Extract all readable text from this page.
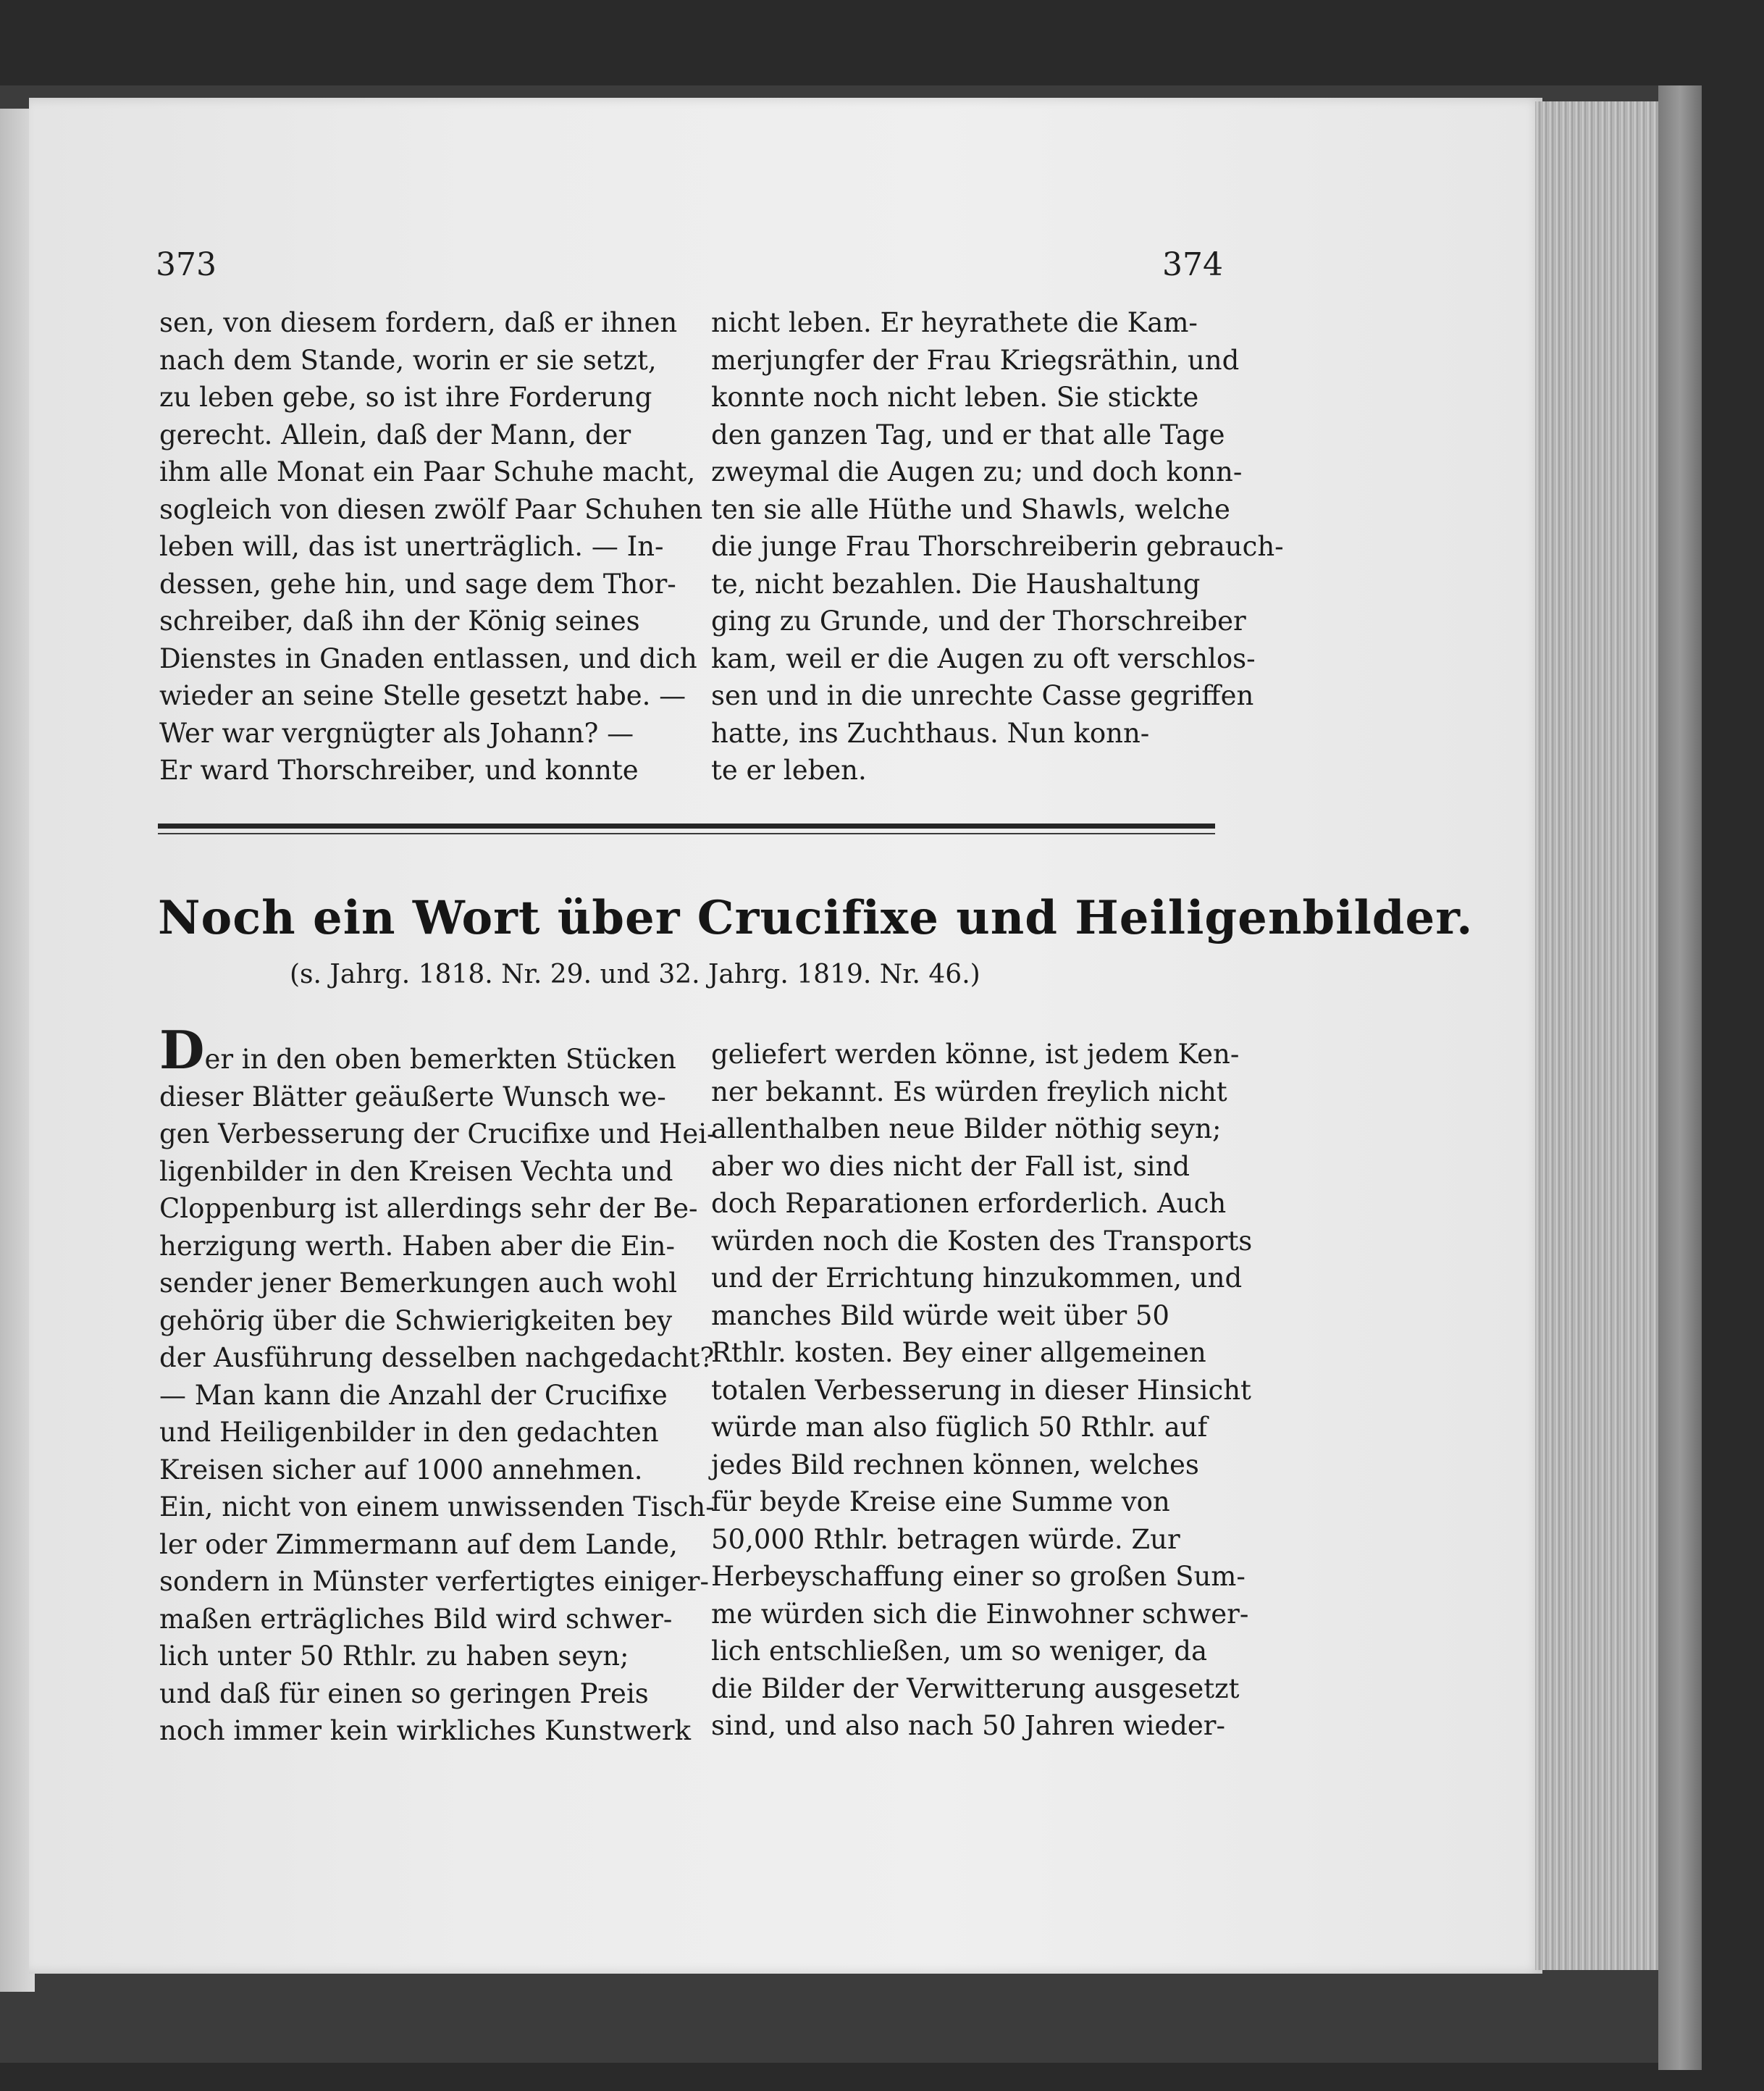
373	374

sen, von diesem fordern, daß er ihnen

nach dem Stande, worin er sie setzt,

zu leben gebe, so ist ihre Forderung

gerecht. Allein, daß der Mann, der

ihm alle Monat ein Paar Schuhe macht,

sogleich von diesen zwölf Paar Schuhen

leben will, das ist unerträglich. — In-

dessen, gehe hin, und sage dem Thor-

schreiber, daß ihn der König seines

Dienstes in Gnaden entlassen, und dich

wieder an seine Stelle gesetzt habe. —

Wer war vergnügter als Johann? —

Er ward Thorschreiber, und konnte

nicht leben. Er heyrathete die Kam-

merjungfer der Frau Kriegsräthin, und

konnte noch nicht leben. Sie stickte

den ganzen Tag, und er that alle Tage

zweymal die Augen zu; und doch konn-

ten sie alle Hüthe und Shawls, welche

die junge Frau Thorschreiberin gebrauch-

te, nicht bezahlen. Die Haushaltung

ging zu Grunde, und der Thorschreiber

kam, weil er die Augen zu oft verschlos-

sen und in die unrechte Casse gegriffen

hatte, ins Zuchthaus. Nun konn-

te er leben.

Noch ein Wort über Crucifixe und Heiligenbilder.
(s. Jahrg. 1818. Nr. 29. und 32. Jahrg. 1819. Nr. 46.)

Der in den oben bemerkten Stücken

dieser Blätter geäußerte Wunsch we-

gen Verbesserung der Crucifixe und Hei-

ligenbilder in den Kreisen Vechta und

Cloppenburg ist allerdings sehr der Be-

herzigung werth. Haben aber die Ein-

sender jener Bemerkungen auch wohl

gehörig über die Schwierigkeiten bey

der Ausführung desselben nachgedacht?

— Man kann die Anzahl der Crucifixe

und Heiligenbilder in den gedachten

Kreisen sicher auf 1000 annehmen.

Ein, nicht von einem unwissenden Tisch-

ler oder Zimmermann auf dem Lande,

sondern in Münster verfertigtes einiger-

maßen erträgliches Bild wird schwer-

lich unter 50 Rthlr. zu haben seyn;

und daß für einen so geringen Preis

noch immer kein wirkliches Kunstwerk

geliefert werden könne, ist jedem Ken-

ner bekannt. Es würden freylich nicht

allenthalben neue Bilder nöthig seyn;

aber wo dies nicht der Fall ist, sind

doch Reparationen erforderlich. Auch

würden noch die Kosten des Transports

und der Errichtung hinzukommen, und

manches Bild würde weit über 50

Rthlr. kosten. Bey einer allgemeinen

totalen Verbesserung in dieser Hinsicht

würde man also füglich 50 Rthlr. auf

jedes Bild rechnen können, welches

für beyde Kreise eine Summe von

50,000 Rthlr. betragen würde. Zur

Herbeyschaffung einer so großen Sum-

me würden sich die Einwohner schwer-

lich entschließen, um so weniger, da

die Bilder der Verwitterung ausgesetzt

sind, und also nach 50 Jahren wieder-
